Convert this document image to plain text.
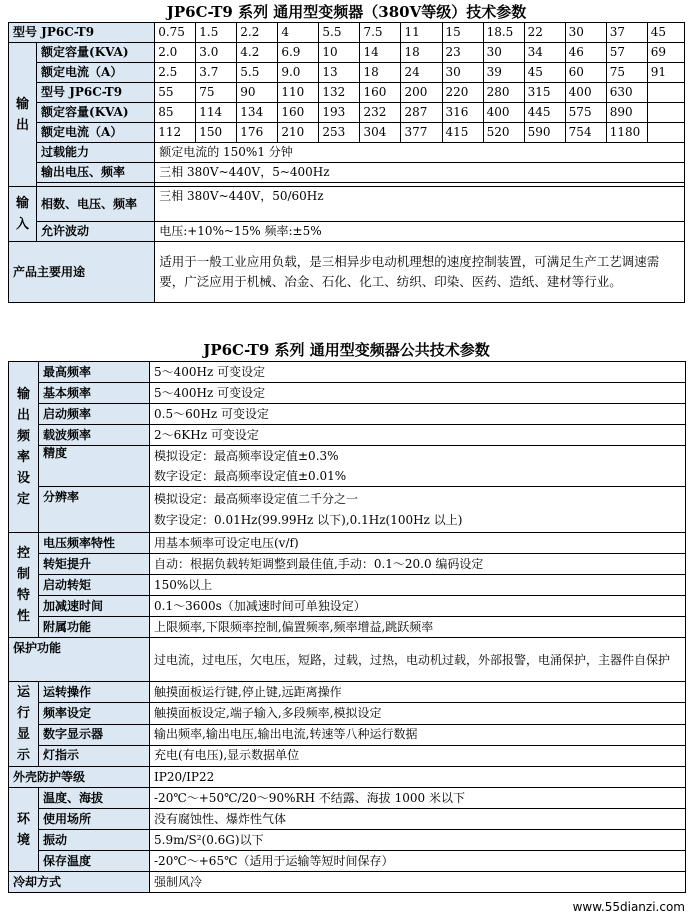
JP6C-T9 系列 通用型变频器（380V等级）技术参数
型号 JP6C-T9		0.75	1.5	2.2	4	5.5	7.5	11	15	18.5	22	30	37	45
输出	额定容量(KVA)	2.0	3.0	4.2	6.9	10	14	18	23	30	34	46	57	69
	额定电流（A）	2.5	3.7	5.5	9.0	13	18	24	30	39	45	60	75	91
	型号 JP6C-T9	55	75	90	110	132	160	200	220	280	315	400	630	
	额定容量(KVA)	85	114	134	160	193	232	287	316	400	445	575	890	
	额定电流（A）	112	150	176	210	253	304	377	415	520	590	754	1180	
	过载能力	额定电流的 150%1 分钟												
	输出电压、频率	三相 380V~440V，5~400Hz												

输入	相数、电压、频率	三相 380V~440V，50/60Hz												
	允许波动	电压:+10%~15% 频率:±5%												
产品主要用途		适用于一般工业应用负载，是三相异步电动机理想的速度控制装置，可满足生产工艺调速需要，广泛应用于机械、冶金、石化、化工、纺织、印染、医药、造纸、建材等行业。												
JP6C-T9 系列 通用型变频器公共技术参数
输出频率设定	最高频率	5～400Hz 可变设定
	基本频率	5～400Hz 可变设定
	启动频率	0.5～60Hz 可变设定
	载波频率	2～6KHz 可变设定
	精度	模拟设定：最高频率设定值±0.3%
数字设定：最高频率设定值±0.01%

	分辨率	模拟设定：最高频率设定值二千分之一
数字设定：0.01Hz(99.99Hz 以下),0.1Hz(100Hz 以上)

控制特性	电压频率特性	用基本频率可设定电压(v/f)
	转矩提升	自动：根据负载转矩调整到最佳值,手动：0.1～20.0 编码设定
	启动转矩	150%以上
	加减速时间	0.1～3600s（加减速时间可单独设定）
	附属功能	上限频率,下限频率控制,偏置频率,频率增益,跳跃频率
保护功能		过电流，过电压，欠电压，短路，过载，过热，电动机过载，外部报警，电涌保护，主器件自保护
运行显示	运转操作	触摸面板运行键,停止键,远距离操作
	频率设定	触摸面板设定,端子输入,多段频率,模拟设定
	数字显示器	输出频率,输出电压,输出电流,转速等八种运行数据
	灯指示	充电(有电压),显示数据单位
外壳防护等级		IP20/IP22
环境	温度、海拔	-20℃～+50℃/20～90%RH 不结露、海拔 1000 米以下
	使用场所	没有腐蚀性、爆炸性气体
	振动	5.9m/S²(0.6G)以下
	保存温度	-20℃～+65℃（适用于运输等短时间保存）
冷却方式		强制风冷
www.55dianzi.com
